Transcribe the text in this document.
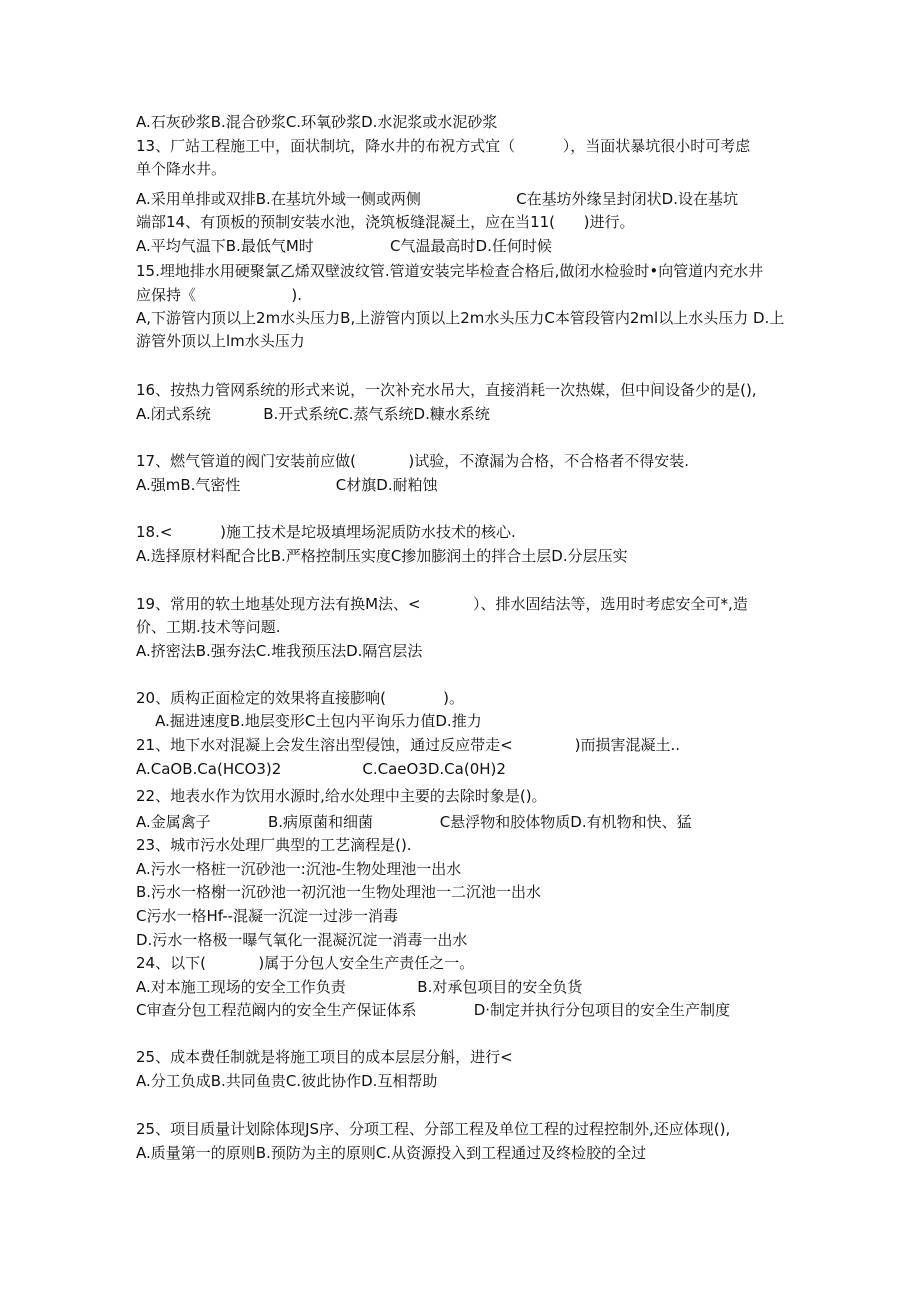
A.石灰砂浆B.混合砂浆C.环氧砂浆D.水泥浆或水泥砂浆

13、厂站工程施工中，面状制坑，降水井的布祝方式宜（          ），当面状暴坑很小时可考虑

单个降水井。

A.采用单排或双排B.在基坑外域一侧或两侧                    C在基坊外缘呈封闭状D.设在基坑

端部14、有顶板的预制安装水池，浇筑板缝混凝土，应在当11(      )进行。

A.平均气温下B.最低气M时                C气温最高时D.任何时候

15.埋地排水用硬聚氯乙烯双壁波纹管.管道安装完毕检查合格后,做闭水检验时•向管道内充水井

应保持《                    ).

A,下游管内顶以上2m水头压力B,上游管内顶以上2m水头压力C本管段管内2ml以上水头压力 D.上

游管外顶以上lm水头压力

16、按热力管网系统的形式来说，一次补充水吊大，直接消耗一次热媒，但中间设备少的是(),

A.闭式系统           B.开式系统C.蒸气系统D.糠水系统

17、燃气管道的阀门安装前应做(           )试验，不潦漏为合格，不合格者不得安装.

A.强mB.气密性                    C材旗D.耐粕蚀

18.<          )施工技术是坨圾填埋场泥质防水技术的核心.

A.选择原材料配合比B.严格控制压实度C掺加膨润土的拌合土层D.分层压实

19、常用的软土地基处现方法有换M法、<           ）、排水固结法等，选用时考虑安全可*,造

价、工期.技术等问题.

A.挤密法B.强夯法C.堆我预压法D.隔宫层法

20、质构正面检定的效果将直接膨响(            )。

A.掘进速度B.地层变形C土包内平询乐力值D.推力

21、地下水对混凝上会发生溶出型侵蚀，通过反应带走<             )而损害混凝土..

A.CaOB.Ca(HCO3)2                 C.CaeO3D.Ca(0H)2

22、地表水作为饮用水源时,给水处理中主要的去除时象是()。

A.金属禽子            B.病原菌和细菌              C悬浮物和胶体物质D.有机物和快、猛

23、城市污水处理厂典型的工艺滴程是().

A.污水一格桩一沉砂池一:沉池-生物处理池一出水

B.污水一格榭一沉砂池一初沉池一生物处理池一二沉池一出水

C污水一格Hf--混凝一沉淀一过涉一消毒

D.污水一格极一曝气氧化一混凝沉淀一消毒一出水

24、以下(           )属于分包人安全生产责任之一。

A.对本施工现场的安全工作负责               B.对承包项目的安全负货

C审查分包工程范阚内的安全生产保证体系            D·制定并执行分包项目的安全生产制度

25、成本费任制就是将施工项目的成本层层分斛，进行<

A.分工负成B.共同鱼贵C.彼此协作D.互相帮助

25、项目质量计划除体现JS序、分项工程、分部工程及单位工程的过程控制外,还应体现(),

A.质量第一的原则B.预防为主的原则C.从资源投入到工程通过及终检胶的全过
